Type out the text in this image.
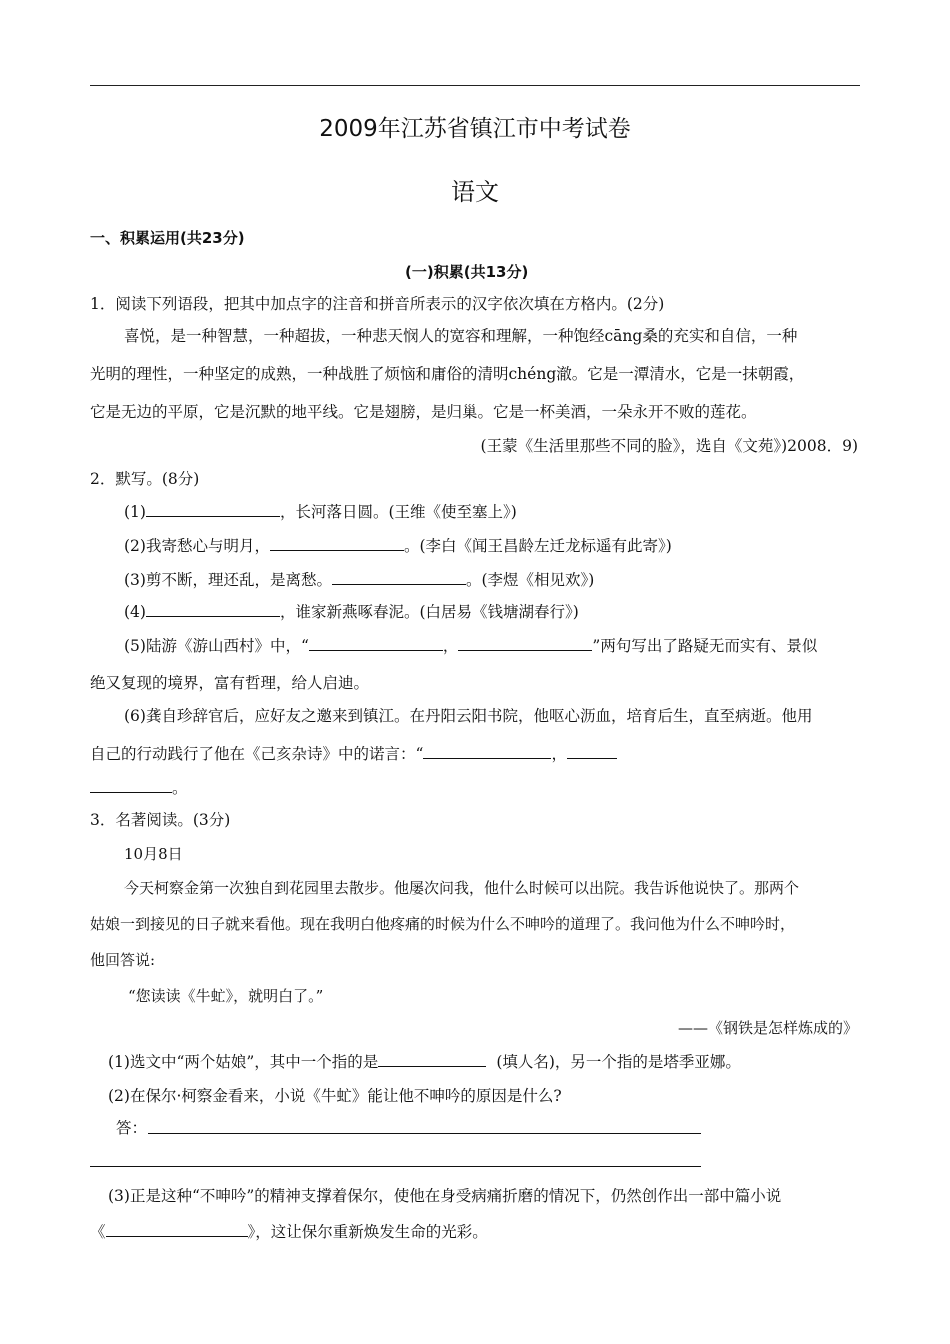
2009年江苏省镇江市中考试卷
语文
一、积累运用(共23分)
(一)积累(共13分)
1．阅读下列语段，把其中加点字的注音和拼音所表示的汉字依次填在方格内。(2分)
喜悦，是一种智慧，一种超拔，一种悲天悯人的宽容和理解，一种饱经cāng桑的充实和自信，一种
光明的理性，一种坚定的成熟，一种战胜了烦恼和庸俗的清明chéng澈。它是一潭清水，它是一抹朝霞，
它是无边的平原，它是沉默的地平线。它是翅膀，是归巢。它是一杯美酒，一朵永开不败的莲花。
(王蒙《生活里那些不同的脸》，选自《文苑》)2008．9)
2．默写。(8分)
(1)	，长河落日圆。(王维《使至塞上》)
(2)我寄愁心与明月，	。(李白《闻王昌龄左迁龙标遥有此寄》)
(3)剪不断，理还乱，是离愁。	。(李煜《相见欢》)
(4)	，谁家新燕啄春泥。(白居易《钱塘湖春行》)
(5)陆游《游山西村》中，“	，	”两句写出了路疑无而实有、景似
绝又复现的境界，富有哲理，给人启迪。
(6)龚自珍辞官后，应好友之邀来到镇江。在丹阳云阳书院，他呕心沥血，培育后生，直至病逝。他用
自己的行动践行了他在《己亥杂诗》中的诺言：“	，
。
3．名著阅读。(3分)
10月8日
今天柯察金第一次独自到花园里去散步。他屡次问我，他什么时候可以出院。我告诉他说快了。那两个
姑娘一到接见的日子就来看他。现在我明白他疼痛的时候为什么不呻吟的道理了。我问他为什么不呻吟时，
他回答说:
“您读读《牛虻》，就明白了。”
——《钢铁是怎样炼成的》
(1)选文中“两个姑娘”，其中一个指的是	(填人名)，另一个指的是塔季亚娜。
(2)在保尔·柯察金看来，小说《牛虻》能让他不呻吟的原因是什么?
答：
(3)正是这种“不呻吟”的精神支撑着保尔，使他在身受病痛折磨的情况下，仍然创作出一部中篇小说
《	》，这让保尔重新焕发生命的光彩。
